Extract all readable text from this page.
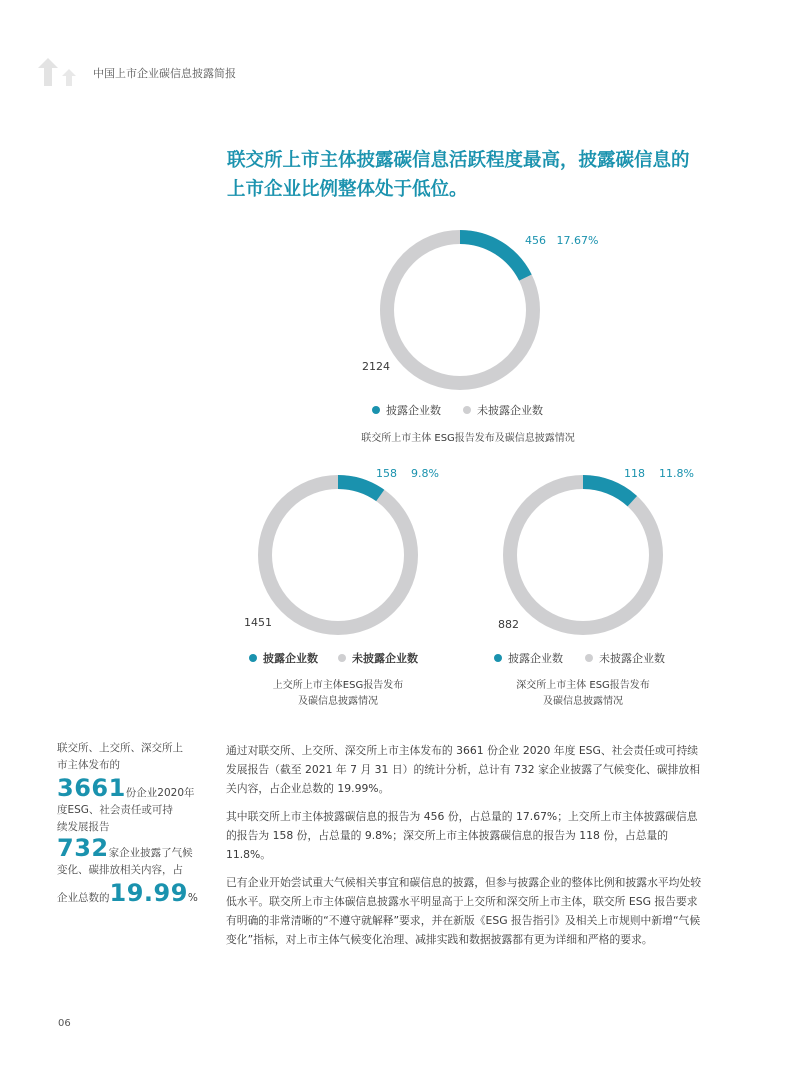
中国上市企业碳信息披露简报
联交所上市主体披露碳信息活跃程度最高，披露碳信息的
上市企业比例整体处于低位。
456 17.67%
2124
披露企业数	未披露企业数
联交所上市主体 ESG报告发布及碳信息披露情况
158 9.8%
1451
披露企业数	未披露企业数
上交所上市主体ESG报告发布
及碳信息披露情况
118 11.8%
882
披露企业数	未披露企业数
深交所上市主体 ESG报告发布
及碳信息披露情况
联交所、上交所、深交所上
市主体发布的
3661份企业2020年
度ESG、社会责任或可持
续发展报告
732家企业披露了气候
变化、碳排放相关内容，占
企业总数的19.99%

通过对联交所、上交所、深交所上市主体发布的 3661 份企业 2020 年度 ESG、社会责任或可持续发展报告（截至 2021 年 7 月 31 日）的统计分析，总计有 732 家企业披露了气候变化、碳排放相关内容，占企业总数的 19.99%。

其中联交所上市主体披露碳信息的报告为 456 份，占总量的 17.67%；上交所上市主体披露碳信息的报告为 158 份，占总量的 9.8%；深交所上市主体披露碳信息的报告为 118 份，占总量的 11.8%。

已有企业开始尝试重大气候相关事宜和碳信息的披露，但参与披露企业的整体比例和披露水平均处较低水平。联交所上市主体碳信息披露水平明显高于上交所和深交所上市主体，联交所 ESG 报告要求有明确的非常清晰的“不遵守就解释”要求，并在新版《ESG 报告指引》及相关上市规则中新增“气候变化”指标，对上市主体气候变化治理、减排实践和数据披露都有更为详细和严格的要求。

06
